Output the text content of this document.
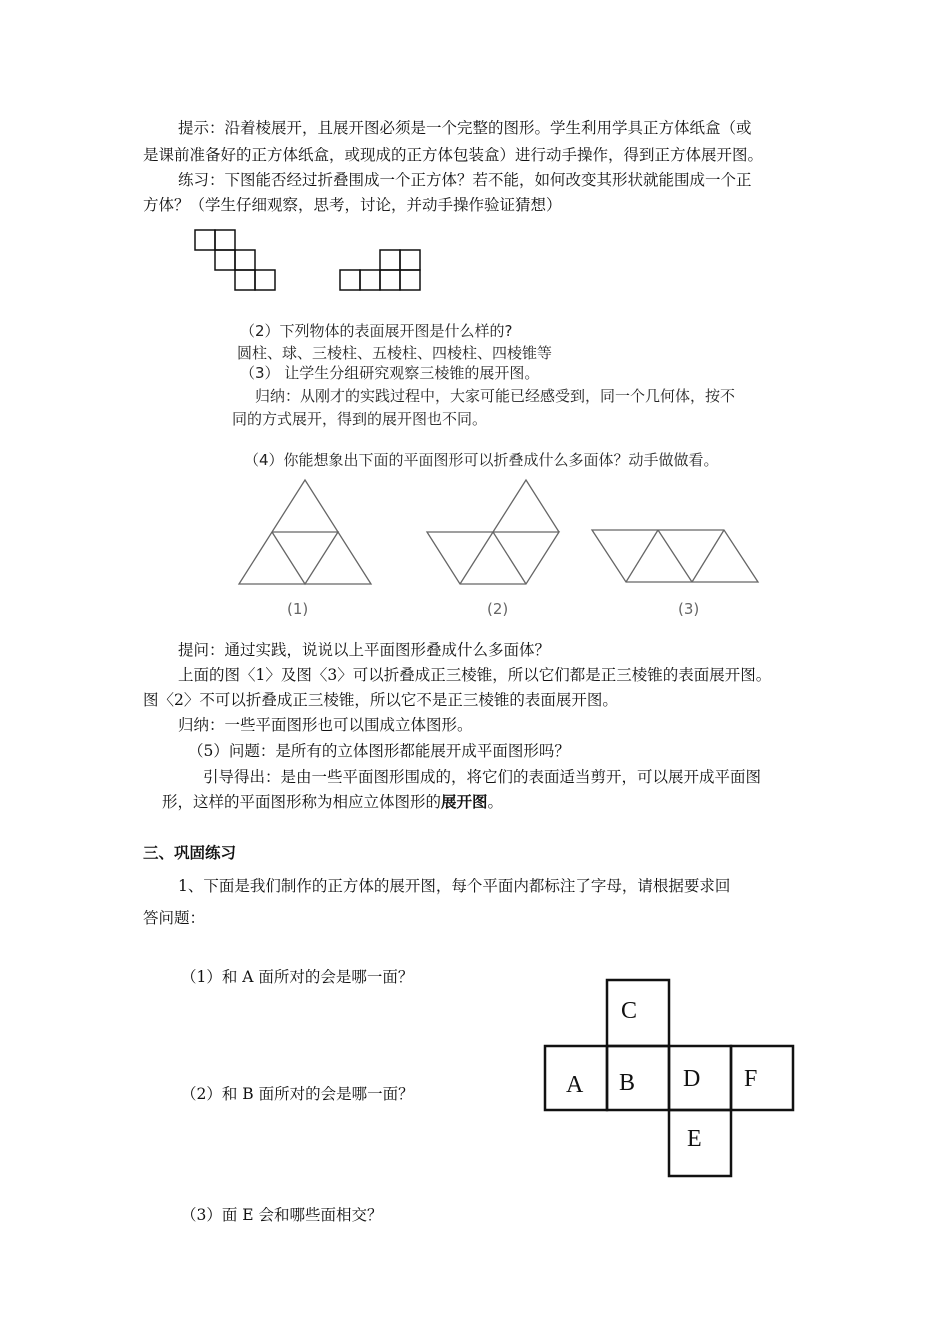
提示：沿着棱展开，且展开图必须是一个完整的图形。学生利用学具正方体纸盒（或
是课前准备好的正方体纸盒，或现成的正方体包装盒）进行动手操作，得到正方体展开图。
练习：下图能否经过折叠围成一个正方体？若不能，如何改变其形状就能围成一个正
方体？（学生仔细观察，思考，讨论，并动手操作验证猜想）
（2）下列物体的表面展开图是什么样的?
圆柱、球、三棱柱、五棱柱、四棱柱、四棱锥等
（3） 让学生分组研究观察三棱锥的展开图。
归纳：从刚才的实践过程中，大家可能已经感受到，同一个几何体，按不
同的方式展开，得到的展开图也不同。
（4）你能想象出下面的平面图形可以折叠成什么多面体？动手做做看。
(1)	(2)	(3)
提问：通过实践，说说以上平面图形叠成什么多面体？
上面的图〈1〉及图〈3〉可以折叠成正三棱锥，所以它们都是正三棱锥的表面展开图。
图〈2〉不可以折叠成正三棱锥，所以它不是正三棱锥的表面展开图。
归纳：一些平面图形也可以围成立体图形。
（5）问题：是所有的立体图形都能展开成平面图形吗？
引导得出：是由一些平面图形围成的，将它们的表面适当剪开，可以展开成平面图
形，这样的平面图形称为相应立体图形的展开图。
三、巩固练习
1、下面是我们制作的正方体的展开图，每个平面内都标注了字母，请根据要求回
答问题：
（1）和 A 面所对的会是哪一面？
（2）和 B 面所对的会是哪一面？
（3）面 E 会和哪些面相交？
C
A B D F
E
